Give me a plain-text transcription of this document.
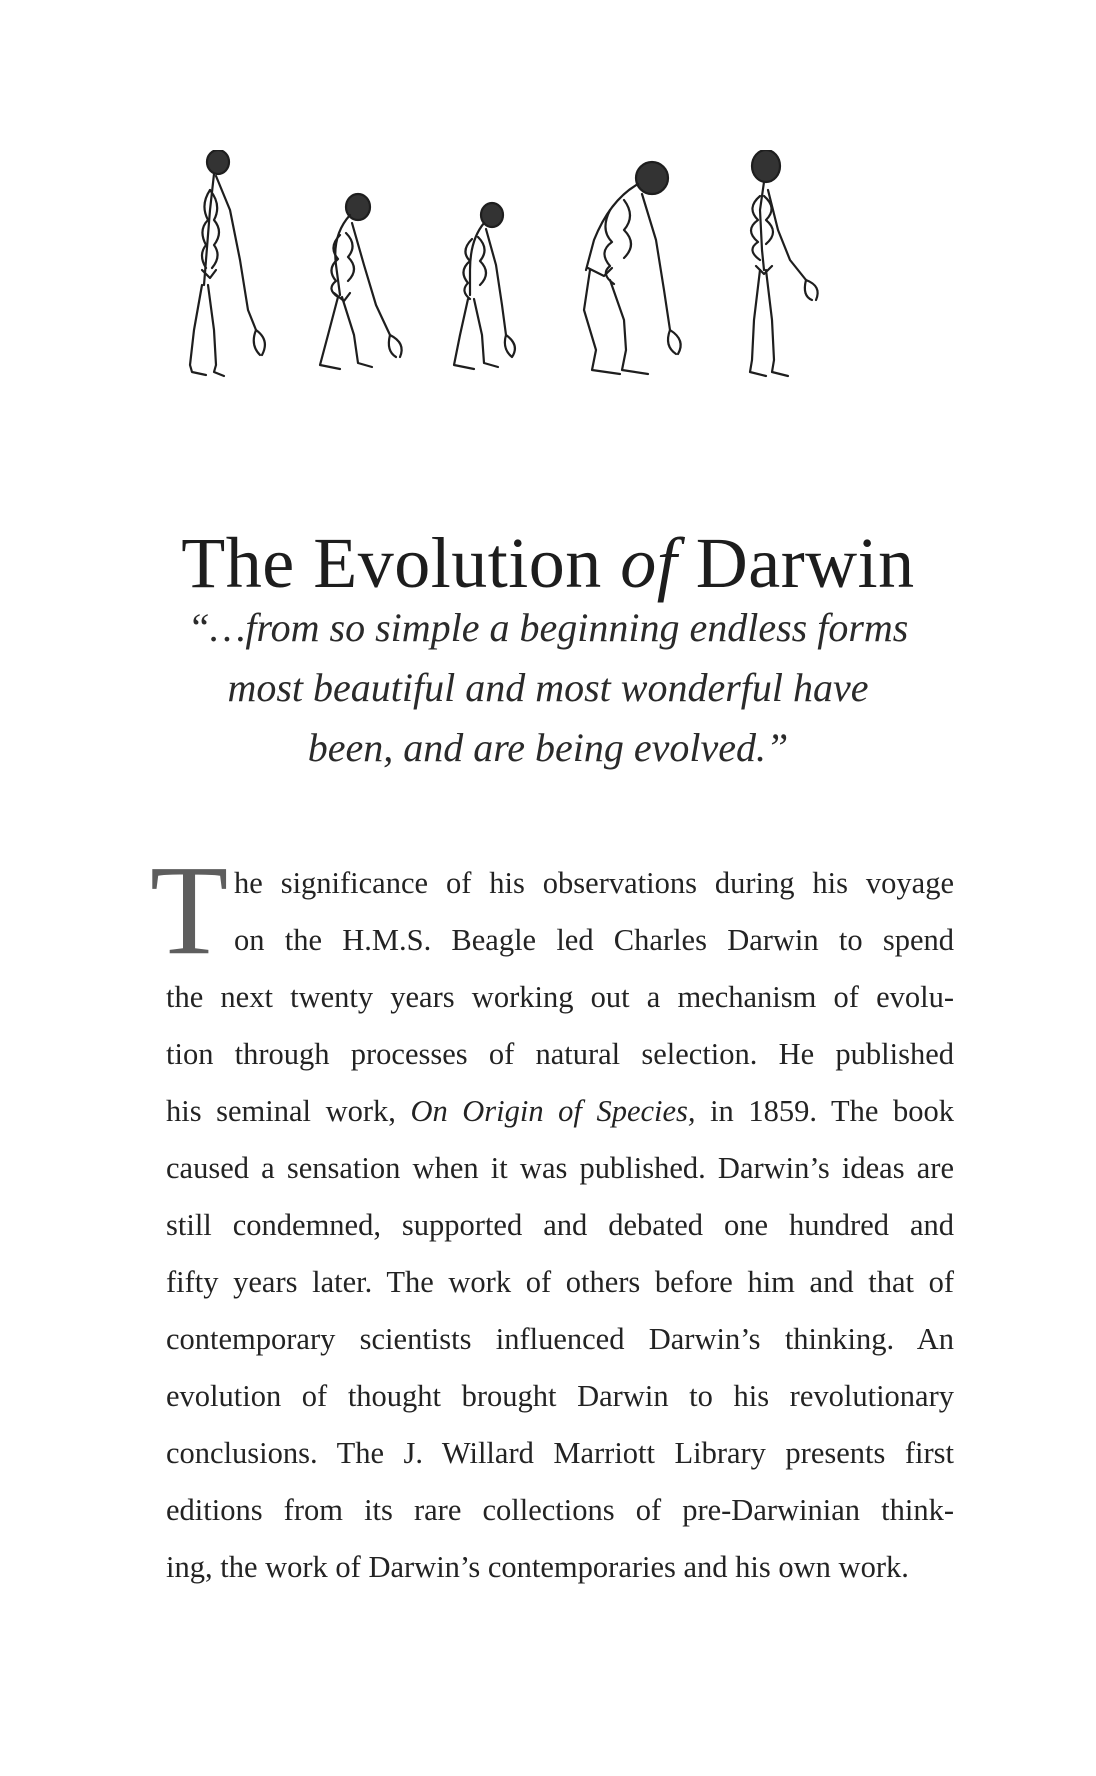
The Evolution of Darwin
“…from so simple a beginning endless forms
most beautiful and most wonderful have
been, and are being evolved.”
T he significance of his observations during his voyage
on the H.M.S. Beagle led Charles Darwin to spend
the next twenty years working out a mechanism of evolu-
tion through processes of natural selection. He published
his seminal work, On Origin of Species, in 1859. The book
caused a sensation when it was published. Darwin’s ideas are
still condemned, supported and debated one hundred and
fifty years later. The work of others before him and that of
contemporary scientists influenced Darwin’s thinking. An
evolution of thought brought Darwin to his revolutionary
conclusions. The J. Willard Marriott Library presents first
editions from its rare collections of pre-Darwinian think-
ing, the work of Darwin’s contemporaries and his own work.
